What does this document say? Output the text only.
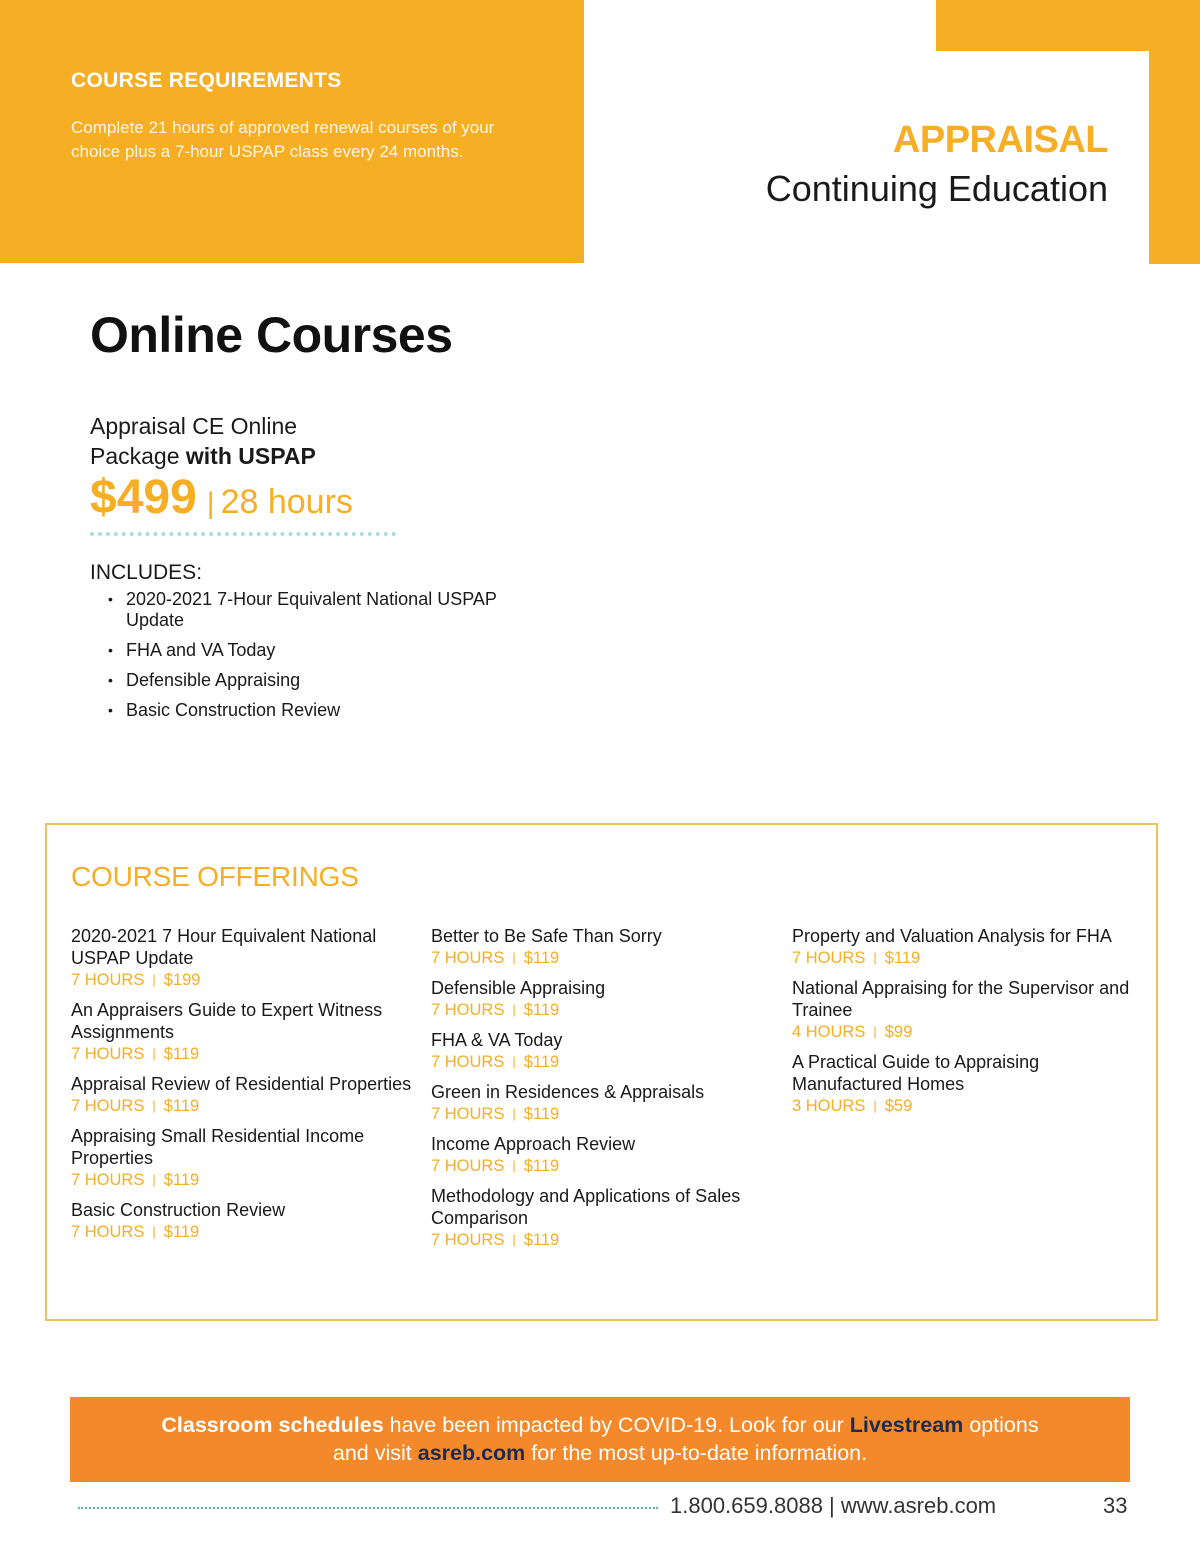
COURSE REQUIREMENTS
Complete 21 hours of approved renewal courses of your choice plus a 7-hour USPAP class every 24 months.	APPRAISAL
Continuing Education
Online Courses
Appraisal CE Online
Package with USPAP
$499 | 28 hours
INCLUDES:
• 2020-2021 7-Hour Equivalent National USPAP Update
• FHA and VA Today
• Defensible Appraising
• Basic Construction Review
COURSE OFFERINGS
2020-2021 7 Hour Equivalent National USPAP Update
7 HOURS | $199
An Appraisers Guide to Expert Witness Assignments
7 HOURS | $119
Appraisal Review of Residential Properties
7 HOURS | $119
Appraising Small Residential Income Properties
7 HOURS | $119
Basic Construction Review
7 HOURS | $119
Better to Be Safe Than Sorry
7 HOURS | $119
Defensible Appraising
7 HOURS | $119
FHA & VA Today
7 HOURS | $119
Green in Residences & Appraisals
7 HOURS | $119
Income Approach Review
7 HOURS | $119
Methodology and Applications of Sales Comparison
7 HOURS | $119
Property and Valuation Analysis for FHA
7 HOURS | $119
National Appraising for the Supervisor and Trainee
4 HOURS | $99
A Practical Guide to Appraising Manufactured Homes
3 HOURS | $59
Classroom schedules have been impacted by COVID-19. Look for our Livestream options
and visit asreb.com for the most up-to-date information.
1.800.659.8088 | www.asreb.com	33
